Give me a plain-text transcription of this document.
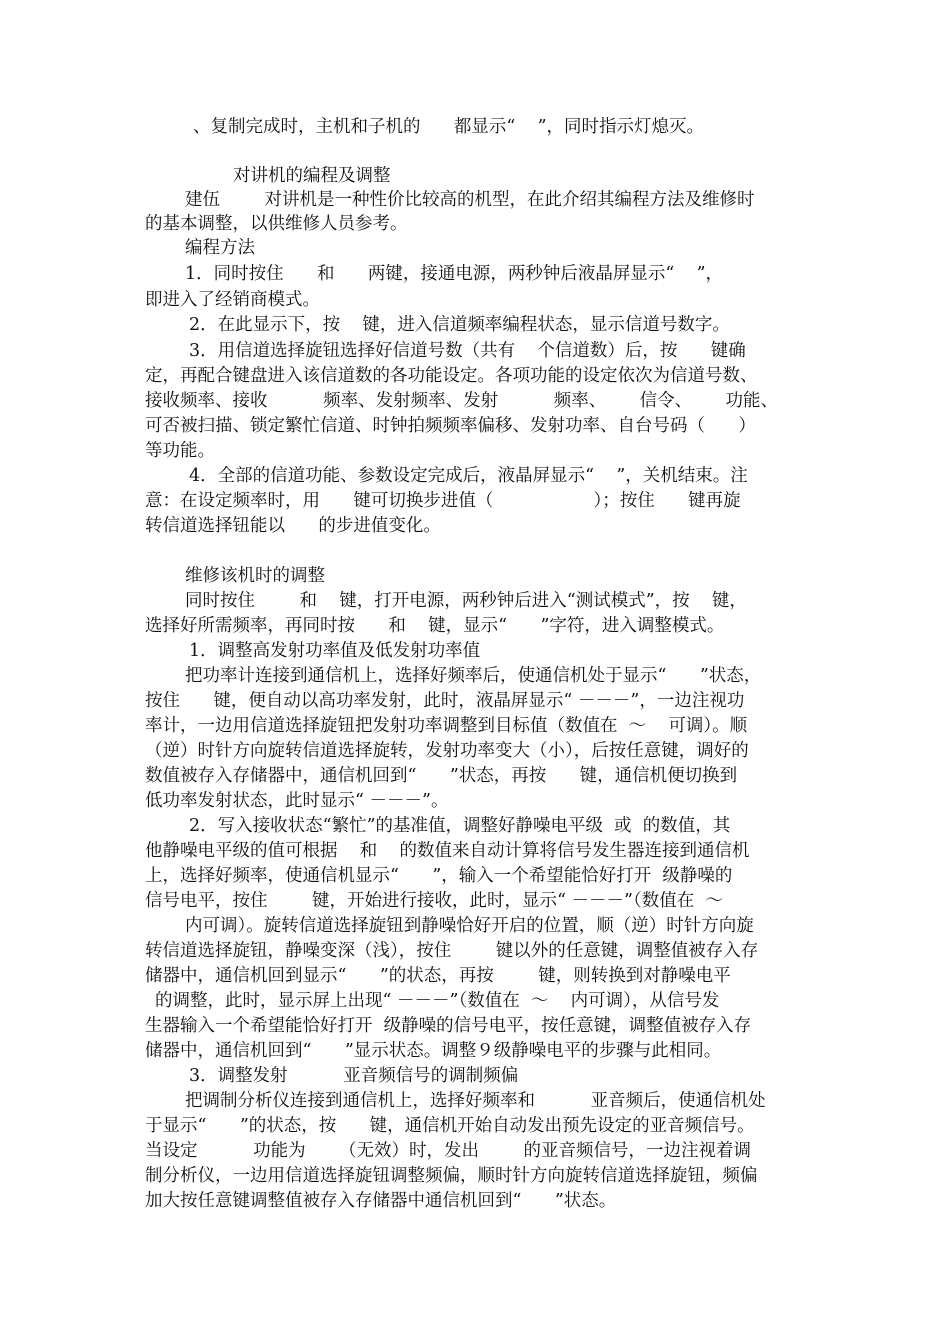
、复制完成时，主机和子机的      都显示“    ”，同时指示灯熄灭。

对讲机的编程及调整

建伍        对讲机是一种性价比较高的机型，在此介绍其编程方法及维修时

的基本调整，以供维修人员参考。

编程方法

1．同时按住      和      两键，接通电源，两秒钟后液晶屏显示“    ”，

即进入了经销商模式。

2．在此显示下，按    键，进入信道频率编程状态，显示信道号数字。

3．用信道选择旋钮选择好信道号数（共有    个信道数）后，按      键确

定，再配合键盘进入该信道数的各功能设定。各项功能的设定依次为信道号数、

接收频率、接收          频率、发射频率、发射          频率、      信令、      功能、

可否被扫描、锁定繁忙信道、时钟拍频频率偏移、发射功率、自台号码（      ）

等功能。

4．全部的信道功能、参数设定完成后，液晶屏显示“    ”，关机结束。注

意：在设定频率时，用      键可切换步进值（                  ）；按住      键再旋

转信道选择钮能以      的步进值变化。

维修该机时的调整

同时按住        和    键，打开电源，两秒钟后进入“测试模式”，按    键，

选择好所需频率，再同时按      和    键，显示“      ”字符，进入调整模式。

1．调整高发射功率值及低发射功率值

把功率计连接到通信机上，选择好频率后，使通信机处于显示“      ”状态，

按住      键，便自动以高功率发射，此时，液晶屏显示“ －－－”，一边注视功

率计，一边用信道选择旋钮把发射功率调整到目标值（数值在  ～    可调）。顺

（逆）时针方向旋转信道选择旋转，发射功率变大（小），后按任意键，调好的

数值被存入存储器中，通信机回到“      ”状态，再按      键，通信机便切换到

低功率发射状态，此时显示“ －－－”。

2．写入接收状态“繁忙”的基准值，调整好静噪电平级  或  的数值，其

他静噪电平级的值可根据    和    的数值来自动计算将信号发生器连接到通信机

上，选择好频率，使通信机显示“      ”，输入一个希望能恰好打开  级静噪的

信号电平，按住        键，开始进行接收，此时，显示“ －－－”（数值在  ～

内可调）。旋转信道选择旋钮到静噪恰好开启的位置，顺（逆）时针方向旋

转信道选择旋钮，静噪变深（浅），按住        键以外的任意键，调整值被存入存

储器中，通信机回到显示“      ”的状态，再按        键，则转换到对静噪电平

的调整，此时，显示屏上出现“ －－－”（数值在  ～    内可调），从信号发

生器输入一个希望能恰好打开  级静噪的信号电平，按任意键，调整值被存入存

储器中，通信机回到“      ”显示状态。调整９级静噪电平的步骤与此相同。

3．调整发射          亚音频信号的调制频偏

把调制分析仪连接到通信机上，选择好频率和          亚音频后，使通信机处

于显示“      ”的状态，按      键，通信机开始自动发出预先设定的亚音频信号。

当设定          功能为      （无效）时，发出        的亚音频信号，一边注视着调

制分析仪，一边用信道选择旋钮调整频偏，顺时针方向旋转信道选择旋钮，频偏

加大按任意键调整值被存入存储器中通信机回到“      ”状态。
